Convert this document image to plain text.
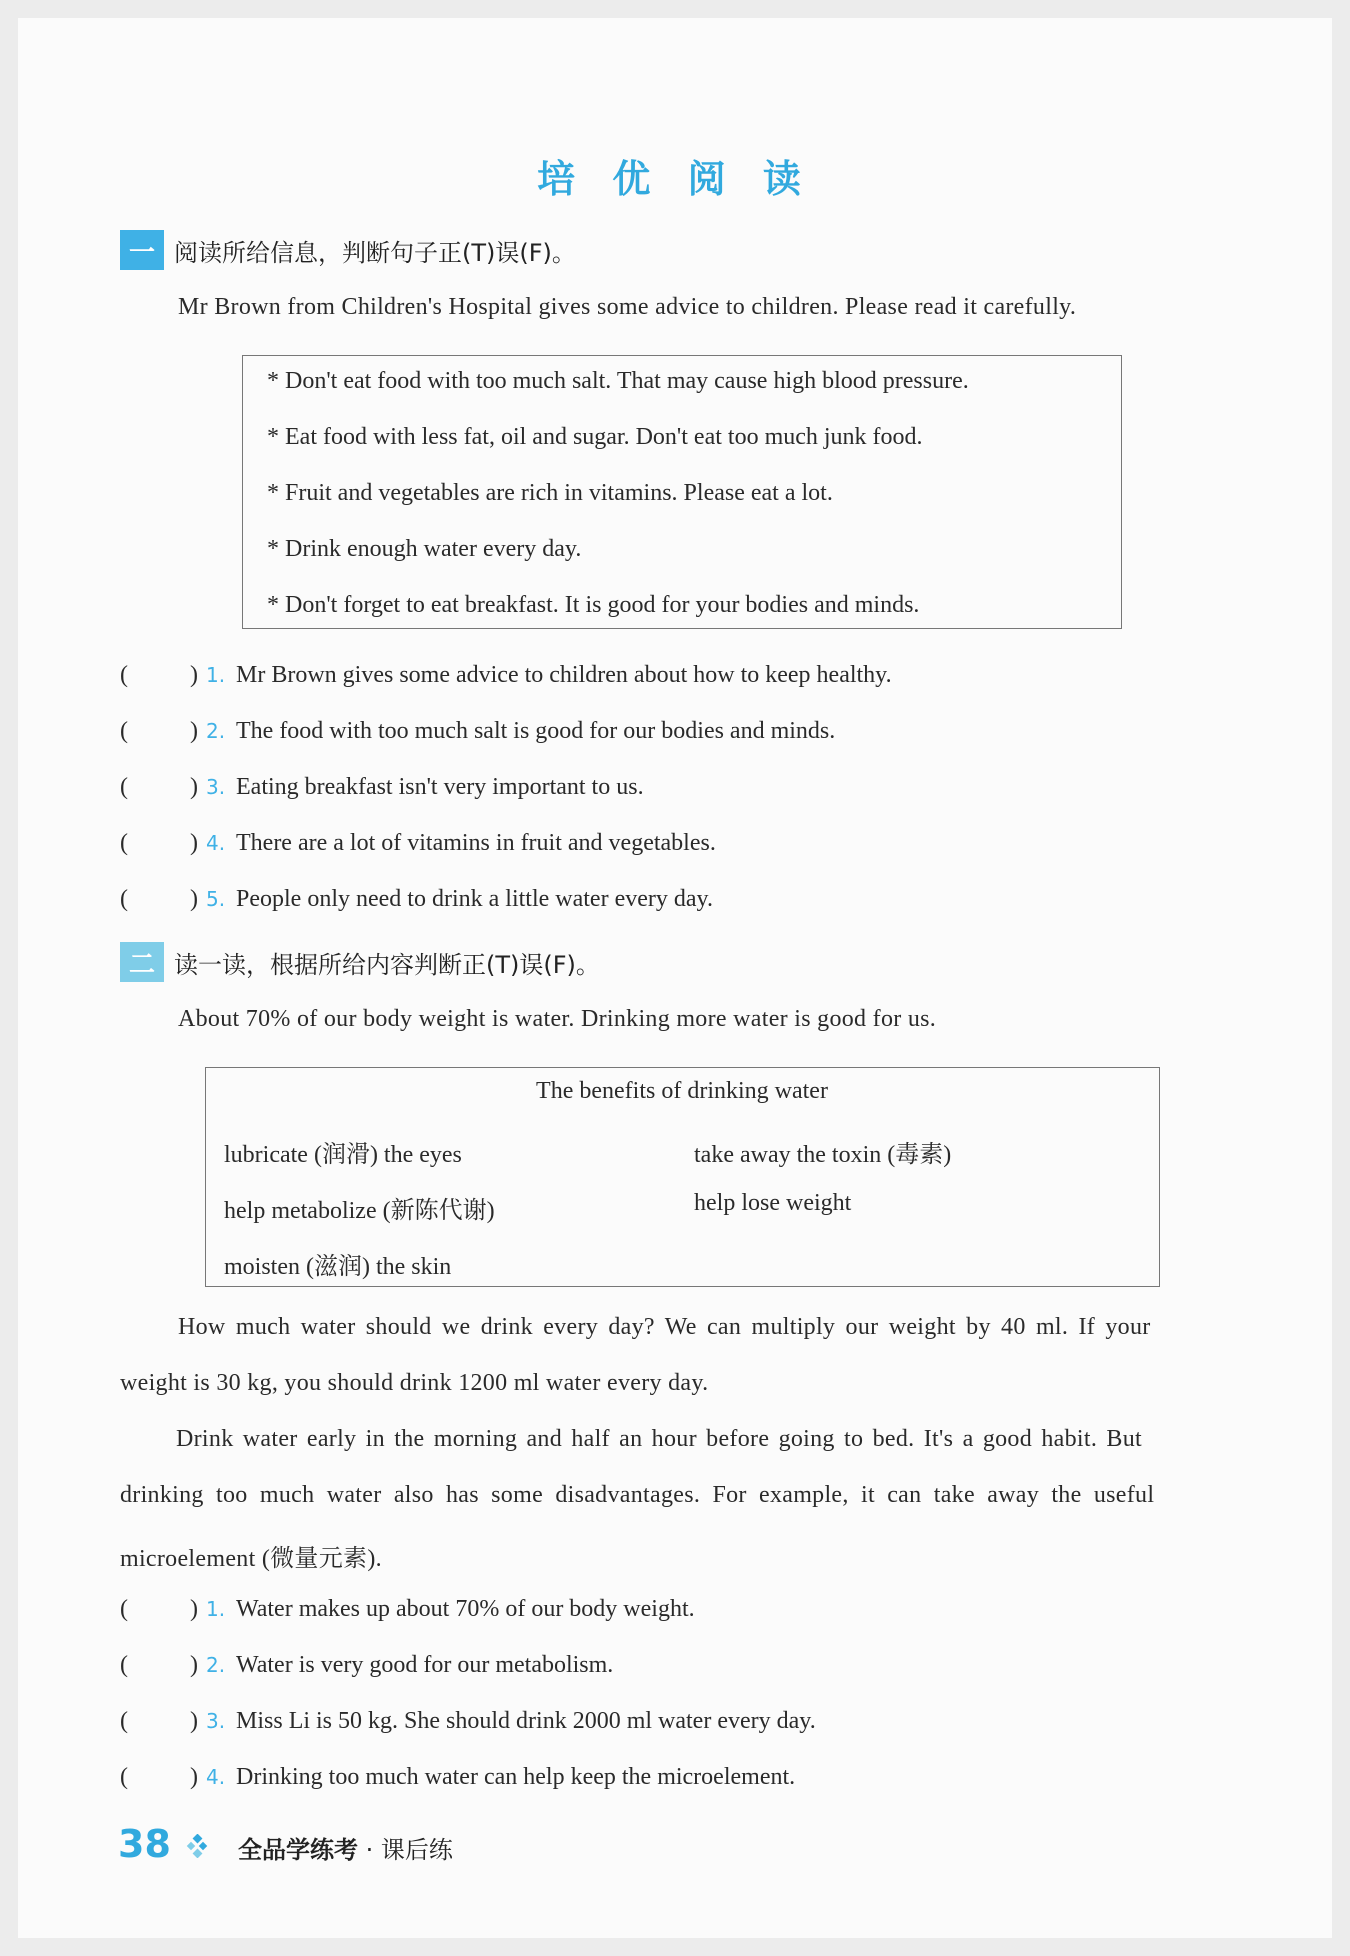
培 优 阅 读
一 阅读所给信息，判断句子正(T)误(F)。
Mr Brown from Children's Hospital gives some advice to children. Please read it carefully.
* Don't eat food with too much salt. That may cause high blood pressure.
* Eat food with less fat, oil and sugar. Don't eat too much junk food.
* Fruit and vegetables are rich in vitamins. Please eat a lot.
* Drink enough water every day.
* Don't forget to eat breakfast. It is good for your bodies and minds.
(	) 1. Mr Brown gives some advice to children about how to keep healthy.
(	) 2. The food with too much salt is good for our bodies and minds.
(	) 3. Eating breakfast isn't very important to us.
(	) 4. There are a lot of vitamins in fruit and vegetables.
(	) 5. People only need to drink a little water every day.
二 读一读，根据所给内容判断正(T)误(F)。
About 70% of our body weight is water. Drinking more water is good for us.
The benefits of drinking water
lubricate (润滑) the eyes
help metabolize (新陈代谢)
moisten (滋润) the skin
take away the toxin (毒素)
help lose weight
How much water should we drink every day? We can multiply our weight by 40 ml. If your
weight is 30 kg, you should drink 1200 ml water every day.
Drink water early in the morning and half an hour before going to bed. It's a good habit. But
drinking too much water also has some disadvantages. For example, it can take away the useful
microelement (微量元素).
(	) 1. Water makes up about 70% of our body weight.
(	) 2. Water is very good for our metabolism.
(	) 3. Miss Li is 50 kg. She should drink 2000 ml water every day.
(	) 4. Drinking too much water can help keep the microelement.
38	全品学练考 · 课后练
